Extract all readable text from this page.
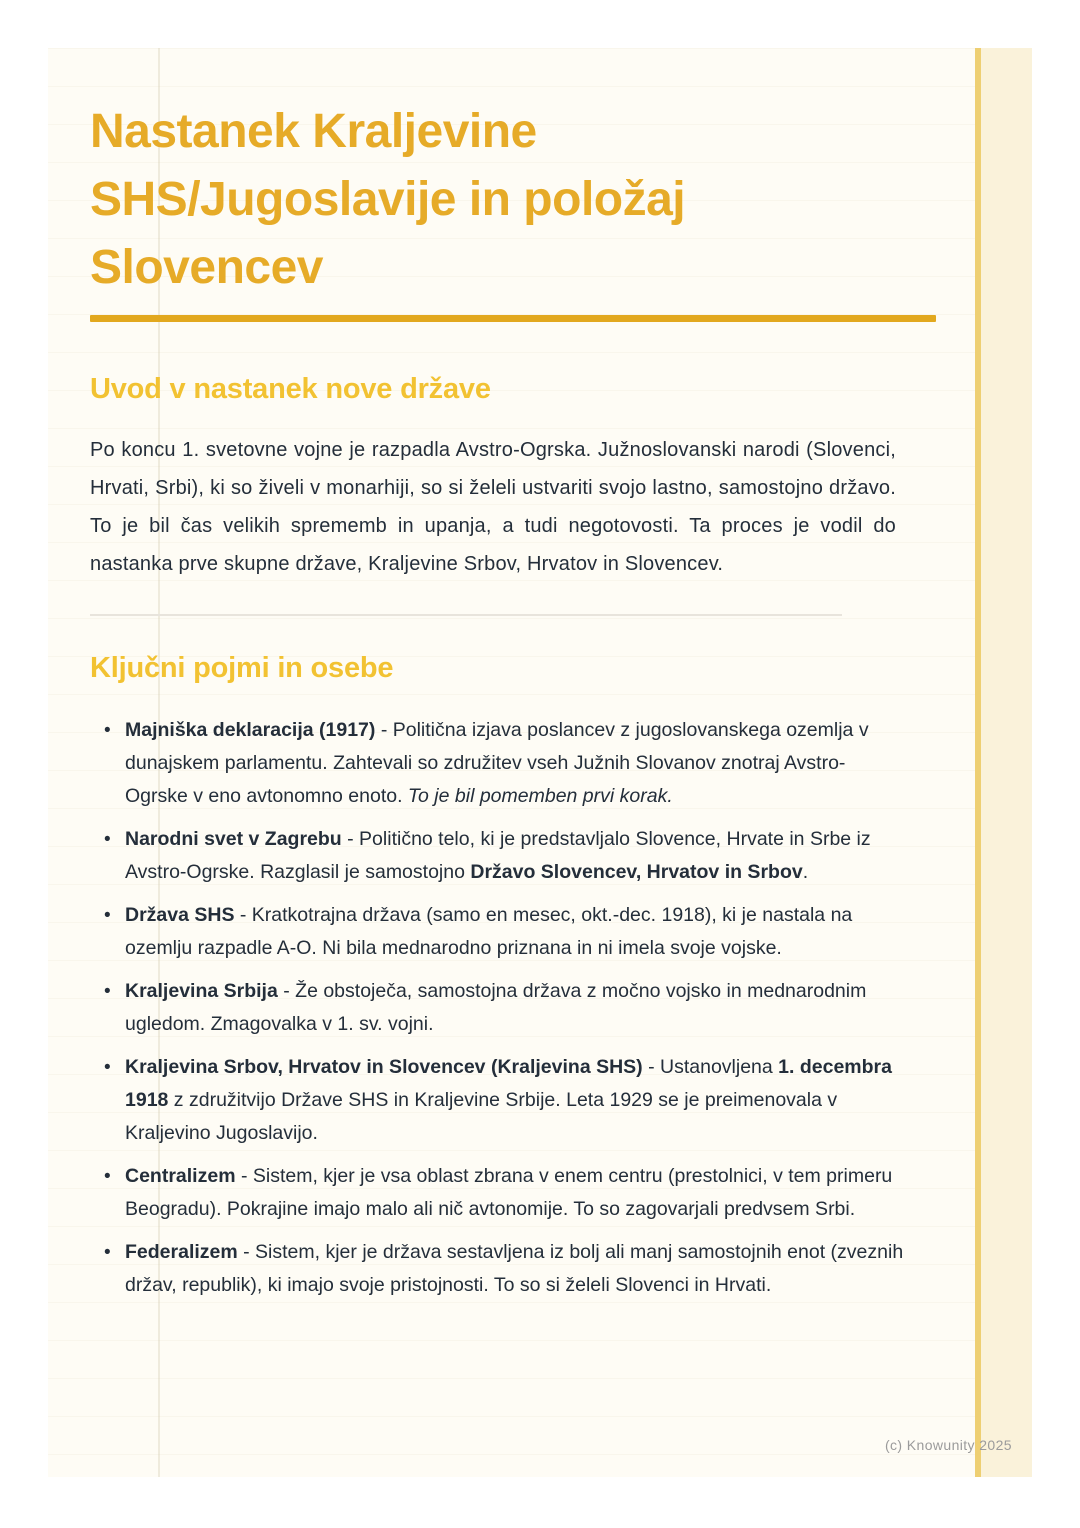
Nastanek Kraljevine
SHS/Jugoslavije in položaj
Slovencev
Uvod v nastanek nove države

Po koncu 1. svetovne vojne je razpadla Avstro-Ogrska. Južnoslovanski narodi (Slovenci, Hrvati, Srbi), ki so živeli v monarhiji, so si želeli ustvariti svojo lastno, samostojno državo. To je bil čas velikih sprememb in upanja, a tudi negotovosti. Ta proces je vodil do nastanka prve skupne države, Kraljevine Srbov, Hrvatov in Slovencev.

Ključni pojmi in osebe
• Majniška deklaracija (1917) - Politična izjava poslancev z jugoslovanskega ozemlja v dunajskem parlamentu. Zahtevali so združitev vseh Južnih Slovanov znotraj Avstro-Ogrske v eno avtonomno enoto. To je bil pomemben prvi korak.
• Narodni svet v Zagrebu - Politično telo, ki je predstavljalo Slovence, Hrvate in Srbe iz Avstro-Ogrske. Razglasil je samostojno Državo Slovencev, Hrvatov in Srbov.
• Država SHS - Kratkotrajna država (samo en mesec, okt.-dec. 1918), ki je nastala na ozemlju razpadle A-O. Ni bila mednarodno priznana in ni imela svoje vojske.
• Kraljevina Srbija - Že obstoječa, samostojna država z močno vojsko in mednarodnim ugledom. Zmagovalka v 1. sv. vojni.
• Kraljevina Srbov, Hrvatov in Slovencev (Kraljevina SHS) - Ustanovljena 1. decembra 1918 z združitvijo Države SHS in Kraljevine Srbije. Leta 1929 se je preimenovala v Kraljevino Jugoslavijo.
• Centralizem - Sistem, kjer je vsa oblast zbrana v enem centru (prestolnici, v tem primeru Beogradu). Pokrajine imajo malo ali nič avtonomije. To so zagovarjali predvsem Srbi.
• Federalizem - Sistem, kjer je država sestavljena iz bolj ali manj samostojnih enot (zveznih držav, republik), ki imajo svoje pristojnosti. To so si želeli Slovenci in Hrvati.
(c) Knowunity 2025
